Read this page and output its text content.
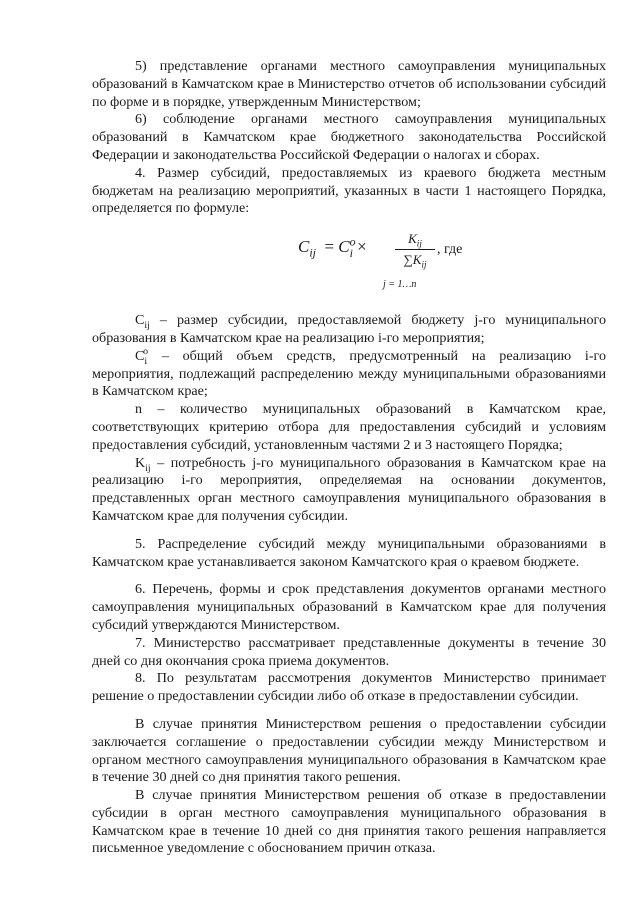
5) представление органами местного самоуправления муниципальных образований в Камчатском крае в Министерство отчетов об использовании субсидий по форме и в порядке, утвержденным Министерством;

6) соблюдение органами местного самоуправления муниципальных образований в Камчатском крае бюджетного законодательства Российской Федерации и законодательства Российской Федерации о налогах и сборах.

4. Размер субсидий, предоставляемых из краевого бюджета местным бюджетам на реализацию мероприятий, указанных в части 1 настоящего Порядка, определяется по формуле:

$C_{ij} = C^o_i$ ×	$K_{ij}$
$\sum K_{ij}$
, где
j = 1…n

$C_{ij}$ – размер субсидии, предоставляемой бюджету j-го муниципального образования в Камчатском крае на реализацию i-го мероприятия;

$C_i^o$ – общий объем средств, предусмотренный на реализацию i-го мероприятия, подлежащий распределению между муниципальными образованиями в Камчатском крае;

n – количество муниципальных образований в Камчатском крае, соответствующих критерию отбора для предоставления субсидий и условиям предоставления субсидий, установленным частями 2 и 3 настоящего Порядка;

$K_{ij}$ – потребность j-го муниципального образования в Камчатском крае на реализацию i-го мероприятия, определяемая на основании документов, представленных орган местного самоуправления муниципального образования в Камчатском крае для получения субсидии.

5. Распределение субсидий между муниципальными образованиями в Камчатском крае устанавливается законом Камчатского края о краевом бюджете.

6. Перечень, формы и срок представления документов органами местного самоуправления муниципальных образований в Камчатском крае для получения субсидий утверждаются Министерством.

7. Министерство рассматривает представленные документы в течение 30 дней со дня окончания срока приема документов.

8. По результатам рассмотрения документов Министерство принимает решение о предоставлении субсидии либо об отказе в предоставлении субсидии.

В случае принятия Министерством решения о предоставлении субсидии заключается соглашение о предоставлении субсидии между Министерством и органом местного самоуправления муниципального образования в Камчатском крае в течение 30 дней со дня принятия такого решения.

В случае принятия Министерством решения об отказе в предоставлении субсидии в орган местного самоуправления муниципального образования в Камчатском крае в течение 10 дней со дня принятия такого решения направляется письменное уведомление с обоснованием причин отказа.
